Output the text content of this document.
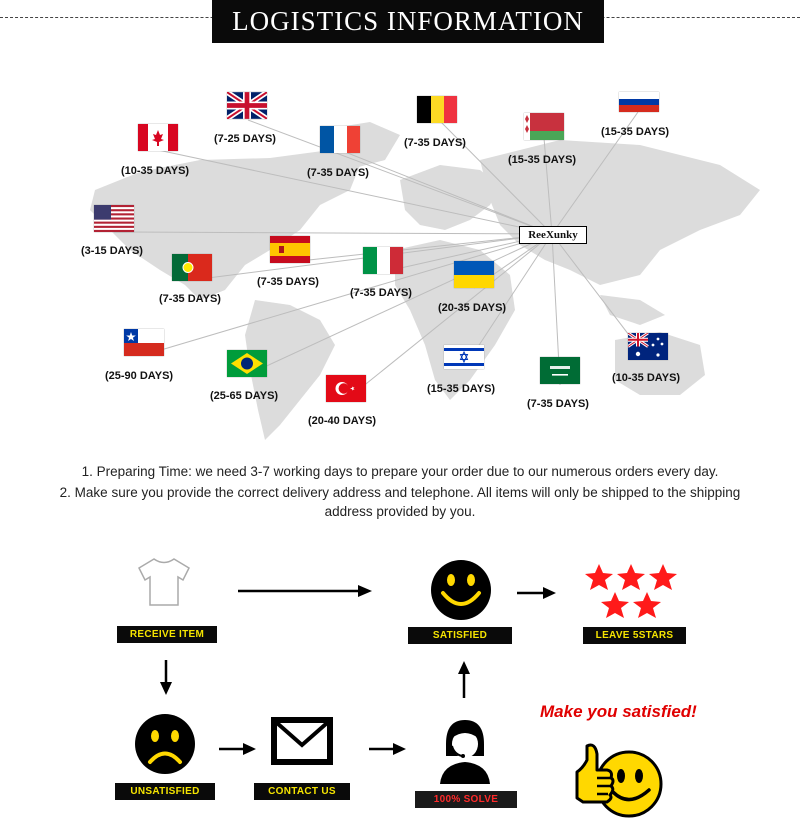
LOGISTICS INFORMATION
ReeXunky
(7-25 DAYS)
(10-35 DAYS)	(7-35 DAYS)
(7-35 DAYS)
(15-35 DAYS)
(15-35 DAYS)
(3-15 DAYS)
(7-35 DAYS)
(7-35 DAYS)
(7-35 DAYS)
(20-35 DAYS)
(25-90 DAYS)
(25-65 DAYS)
(20-40 DAYS)
(15-35 DAYS)
(7-35 DAYS)
(10-35 DAYS)
1. Preparing Time: we need 3-7 working days to prepare your order due to our numerous orders every day.
2. Make sure you provide the correct delivery address and telephone. All items will only be shipped to the shipping
address provided by you.
RECEIVE ITEM	SATISFIED	LEAVE 5STARS
UNSATISFIED	CONTACT US
100% SOLVE
Make you satisfied!
